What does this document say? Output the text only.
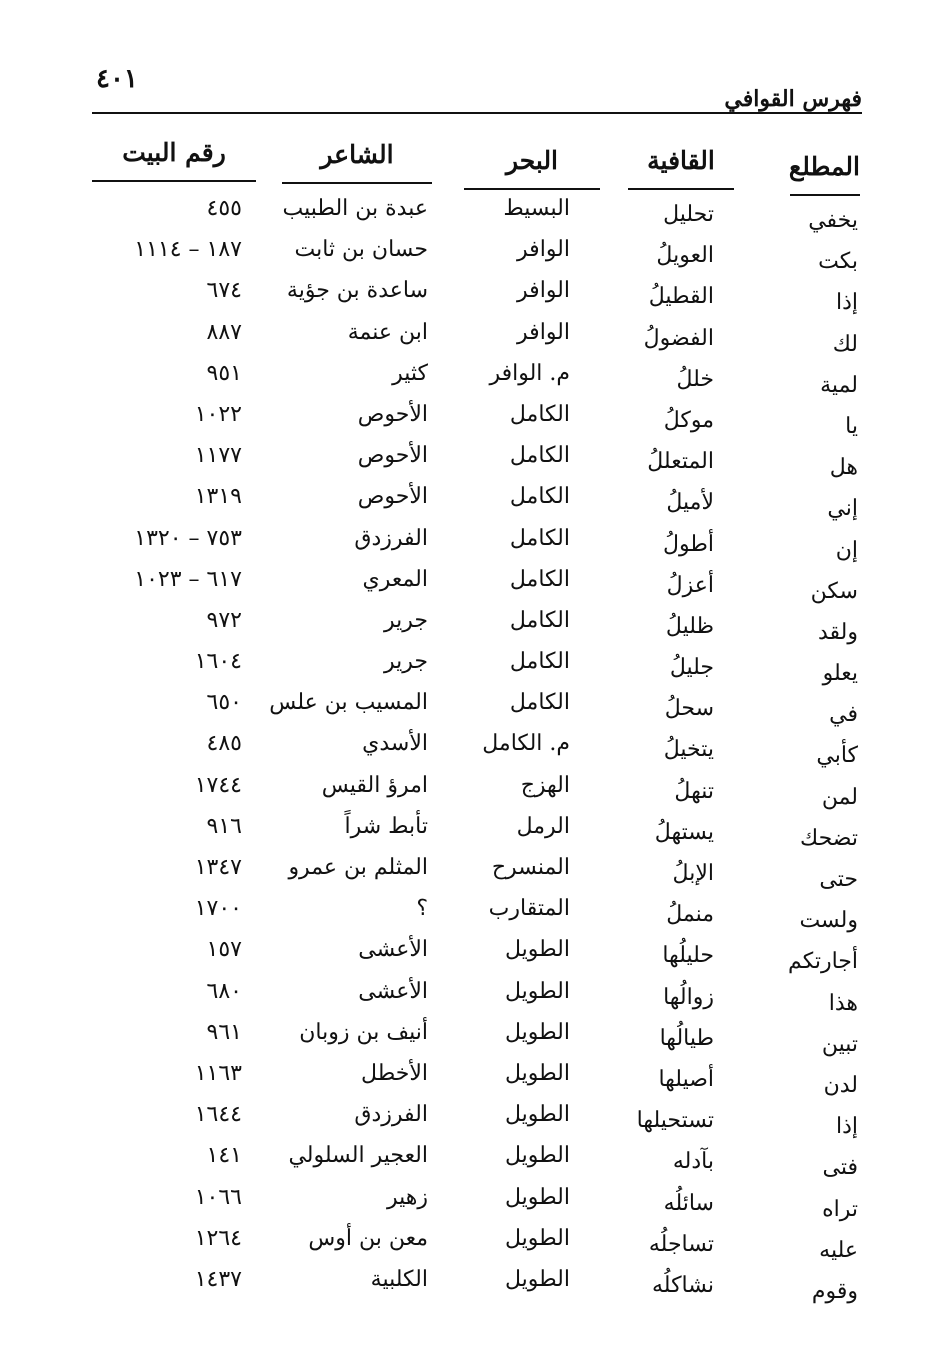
٤٠١
فهرس القوافي
المطلع
القافية
البحر
الشاعر
رقم البيت
يخفي
تحليل
البسيط
عبدة بن الطبيب
٤٥٥
بكت
العويلُ
الوافر
حسان بن ثابت
١٨٧ – ١١١٤
إذا
القطيلُ
الوافر
ساعدة بن جؤية
٦٧٤
لك
الفضولُ
الوافر
ابن عنمة
٨٨٧
لمية
خللُ
م. الوافر
كثير
٩٥١
يا
موكلُ
الكامل
الأحوص
١٠٢٢
هل
المتعللُ
الكامل
الأحوص
١١٧٧
إني
لأميلُ
الكامل
الأحوص
١٣١٩
إن
أطولُ
الكامل
الفرزدق
٧٥٣ – ١٣٢٠
سكن
أعزلُ
الكامل
المعري
٦١٧ – ١٠٢٣
ولقد
ظليلُ
الكامل
جرير
٩٧٢
يعلو
جليلُ
الكامل
جرير
١٦٠٤
في
سحلُ
الكامل
المسيب بن علس
٦٥٠
كأبي
يتخيلُ
م. الكامل
الأسدي
٤٨٥
لمن
تنهلُ
الهزج
امرؤ القيس
١٧٤٤
تضحك
يستهلُ
الرمل
تأبط شراً
٩١٦
حتى
الإبلُ
المنسرح
المثلم بن عمرو
١٣٤٧
ولست
منملُ
المتقارب
؟
١٧٠٠
أجارتكم
حليلُها
الطويل
الأعشى
١٥٧
هذا
زوالُها
الطويل
الأعشى
٦٨٠
تبين
طيالُها
الطويل
أنيف بن زوبان
٩٦١
لدن
أصيلها
الطويل
الأخطل
١١٦٣
إذا
تستحيلها
الطويل
الفرزدق
١٦٤٤
فتى
بآدله
الطويل
العجير السلولي
١٤١
تراه
سائلُه
الطويل
زهير
١٠٦٦
عليه
تساجلُه
الطويل
معن بن أوس
١٢٦٤
وقوم
نشاكلُه
الطويل
الكلبية
١٤٣٧
